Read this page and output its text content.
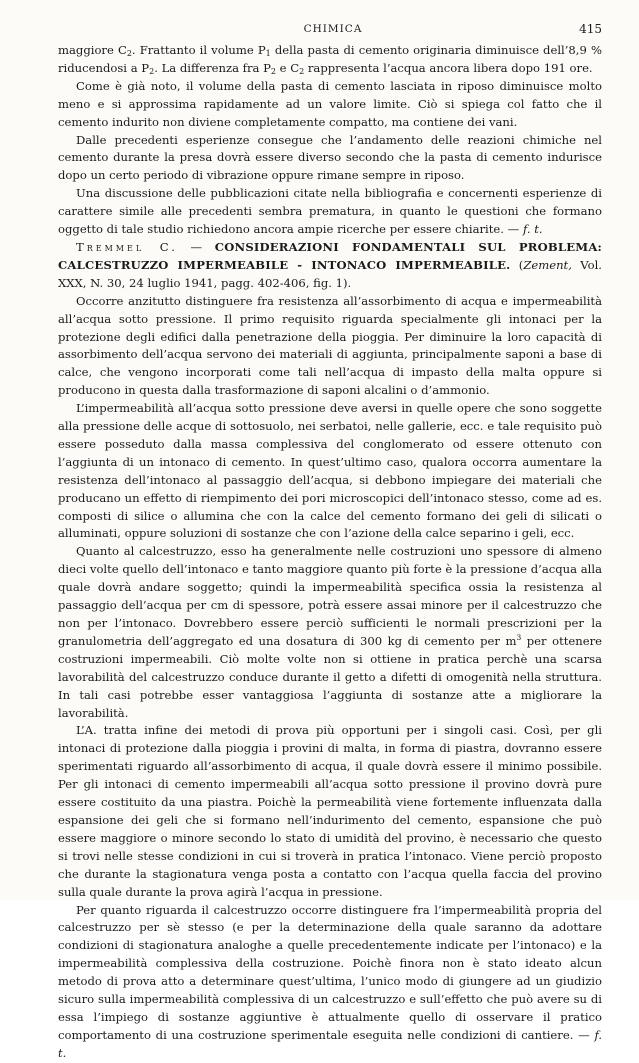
CHIMICA	415

maggiore $C_2$. Frattanto il volume $P_1$ della pasta di cemento originaria diminuisce dell’8,9 % riducendosi a $P_2$. La differenza fra $P_2$ e $C_2$ rappresenta l’acqua ancora libera dopo 191 ore.

Come è già noto, il volume della pasta di cemento lasciata in riposo diminuisce molto meno e si approssima rapidamente ad un valore limite. Ciò si spiega col fatto che il cemento indurito non diviene completamente compatto, ma contiene dei vani.

Dalle precedenti esperienze consegue che l’andamento delle reazioni chimiche nel cemento durante la presa dovrà essere diverso secondo che la pasta di cemento indurisce dopo un certo periodo di vibrazione oppure rimane sempre in riposo.

Una discussione delle pubblicazioni citate nella bibliografia e concernenti esperienze di carattere simile alle precedenti sembra prematura, in quanto le questioni che formano oggetto di tale studio richiedono ancora ampie ricerche per essere chiarite. — f. t.

Tremmel C. — CONSIDERAZIONI FONDAMENTALI SUL PROBLEMA: CALCESTRUZZO IMPERMEABILE - INTONACO IMPERMEABILE. (Zement, Vol. XXX, N. 30, 24 luglio 1941, pagg. 402-406, fig. 1).

Occorre anzitutto distinguere fra resistenza all’assorbimento di acqua e impermeabilità all’acqua sotto pressione. Il primo requisito riguarda specialmente gli intonaci per la protezione degli edifici dalla penetrazione della pioggia. Per diminuire la loro capacità di assorbimento dell’acqua servono dei materiali di aggiunta, principalmente saponi a base di calce, che vengono incorporati come tali nell’acqua di impasto della malta oppure si producono in questa dalla trasformazione di saponi alcalini o d’ammonio.

L’impermeabilità all’acqua sotto pressione deve aversi in quelle opere che sono soggette alla pressione delle acque di sottosuolo, nei serbatoi, nelle gallerie, ecc. e tale requisito può essere posseduto dalla massa complessiva del conglomerato od essere ottenuto con l’aggiunta di un intonaco di cemento. In quest’ultimo caso, qualora occorra aumentare la resistenza dell’intonaco al passaggio dell’acqua, si debbono impiegare dei materiali che producano un effetto di riempimento dei pori microscopici dell’intonaco stesso, come ad es. composti di silice o allumina che con la calce del cemento formano dei geli di silicati o alluminati, oppure soluzioni di sostanze che con l’azione della calce separino i geli, ecc.

Quanto al calcestruzzo, esso ha generalmente nelle costruzioni uno spessore di almeno dieci volte quello dell’intonaco e tanto maggiore quanto più forte è la pressione d’acqua alla quale dovrà andare soggetto; quindi la impermeabilità specifica ossia la resistenza al passaggio dell’acqua per cm di spessore, potrà essere assai minore per il calcestruzzo che non per l’intonaco. Dovrebbero essere perciò sufficienti le normali prescrizioni per la granulometria dell’aggregato ed una dosatura di 300 kg di cemento per $m^3$ per ottenere costruzioni impermeabili. Ciò molte volte non si ottiene in pratica perchè una scarsa lavorabilità del calcestruzzo conduce durante il getto a difetti di omogenità nella struttura. In tali casi potrebbe esser vantaggiosa l’aggiunta di sostanze atte a migliorare la lavorabilità.

L’A. tratta infine dei metodi di prova più opportuni per i singoli casi. Così, per gli intonaci di protezione dalla pioggia i provini di malta, in forma di piastra, dovranno essere sperimentati riguardo all’assorbimento di acqua, il quale dovrà essere il minimo possibile. Per gli intonaci di cemento impermeabili all’acqua sotto pressione il provino dovrà pure essere costituito da una piastra. Poichè la permeabilità viene fortemente influenzata dalla espansione dei geli che si formano nell’indurimento del cemento, espansione che può essere maggiore o minore secondo lo stato di umidità del provino, è necessario che questo si trovi nelle stesse condizioni in cui si troverà in pratica l’intonaco. Viene perciò proposto che durante la stagionatura venga posta a contatto con l’acqua quella faccia del provino sulla quale durante la prova agirà l’acqua in pressione.

Per quanto riguarda il calcestruzzo occorre distinguere fra l’impermeabilità propria del calcestruzzo per sè stesso (e per la determinazione della quale saranno da adottare condizioni di stagionatura analoghe a quelle precedentemente indicate per l’intonaco) e la impermeabilità complessiva della costruzione. Poichè finora non è stato ideato alcun metodo di prova atto a determinare quest’ultima, l’unico modo di giungere ad un giudizio sicuro sulla impermeabilità complessiva di un calcestruzzo e sull’effetto che può avere su di essa l’impiego di sostanze aggiuntive è attualmente quello di osservare il pratico comportamento di una costruzione sperimentale eseguita nelle condizioni di cantiere. — f. t.
